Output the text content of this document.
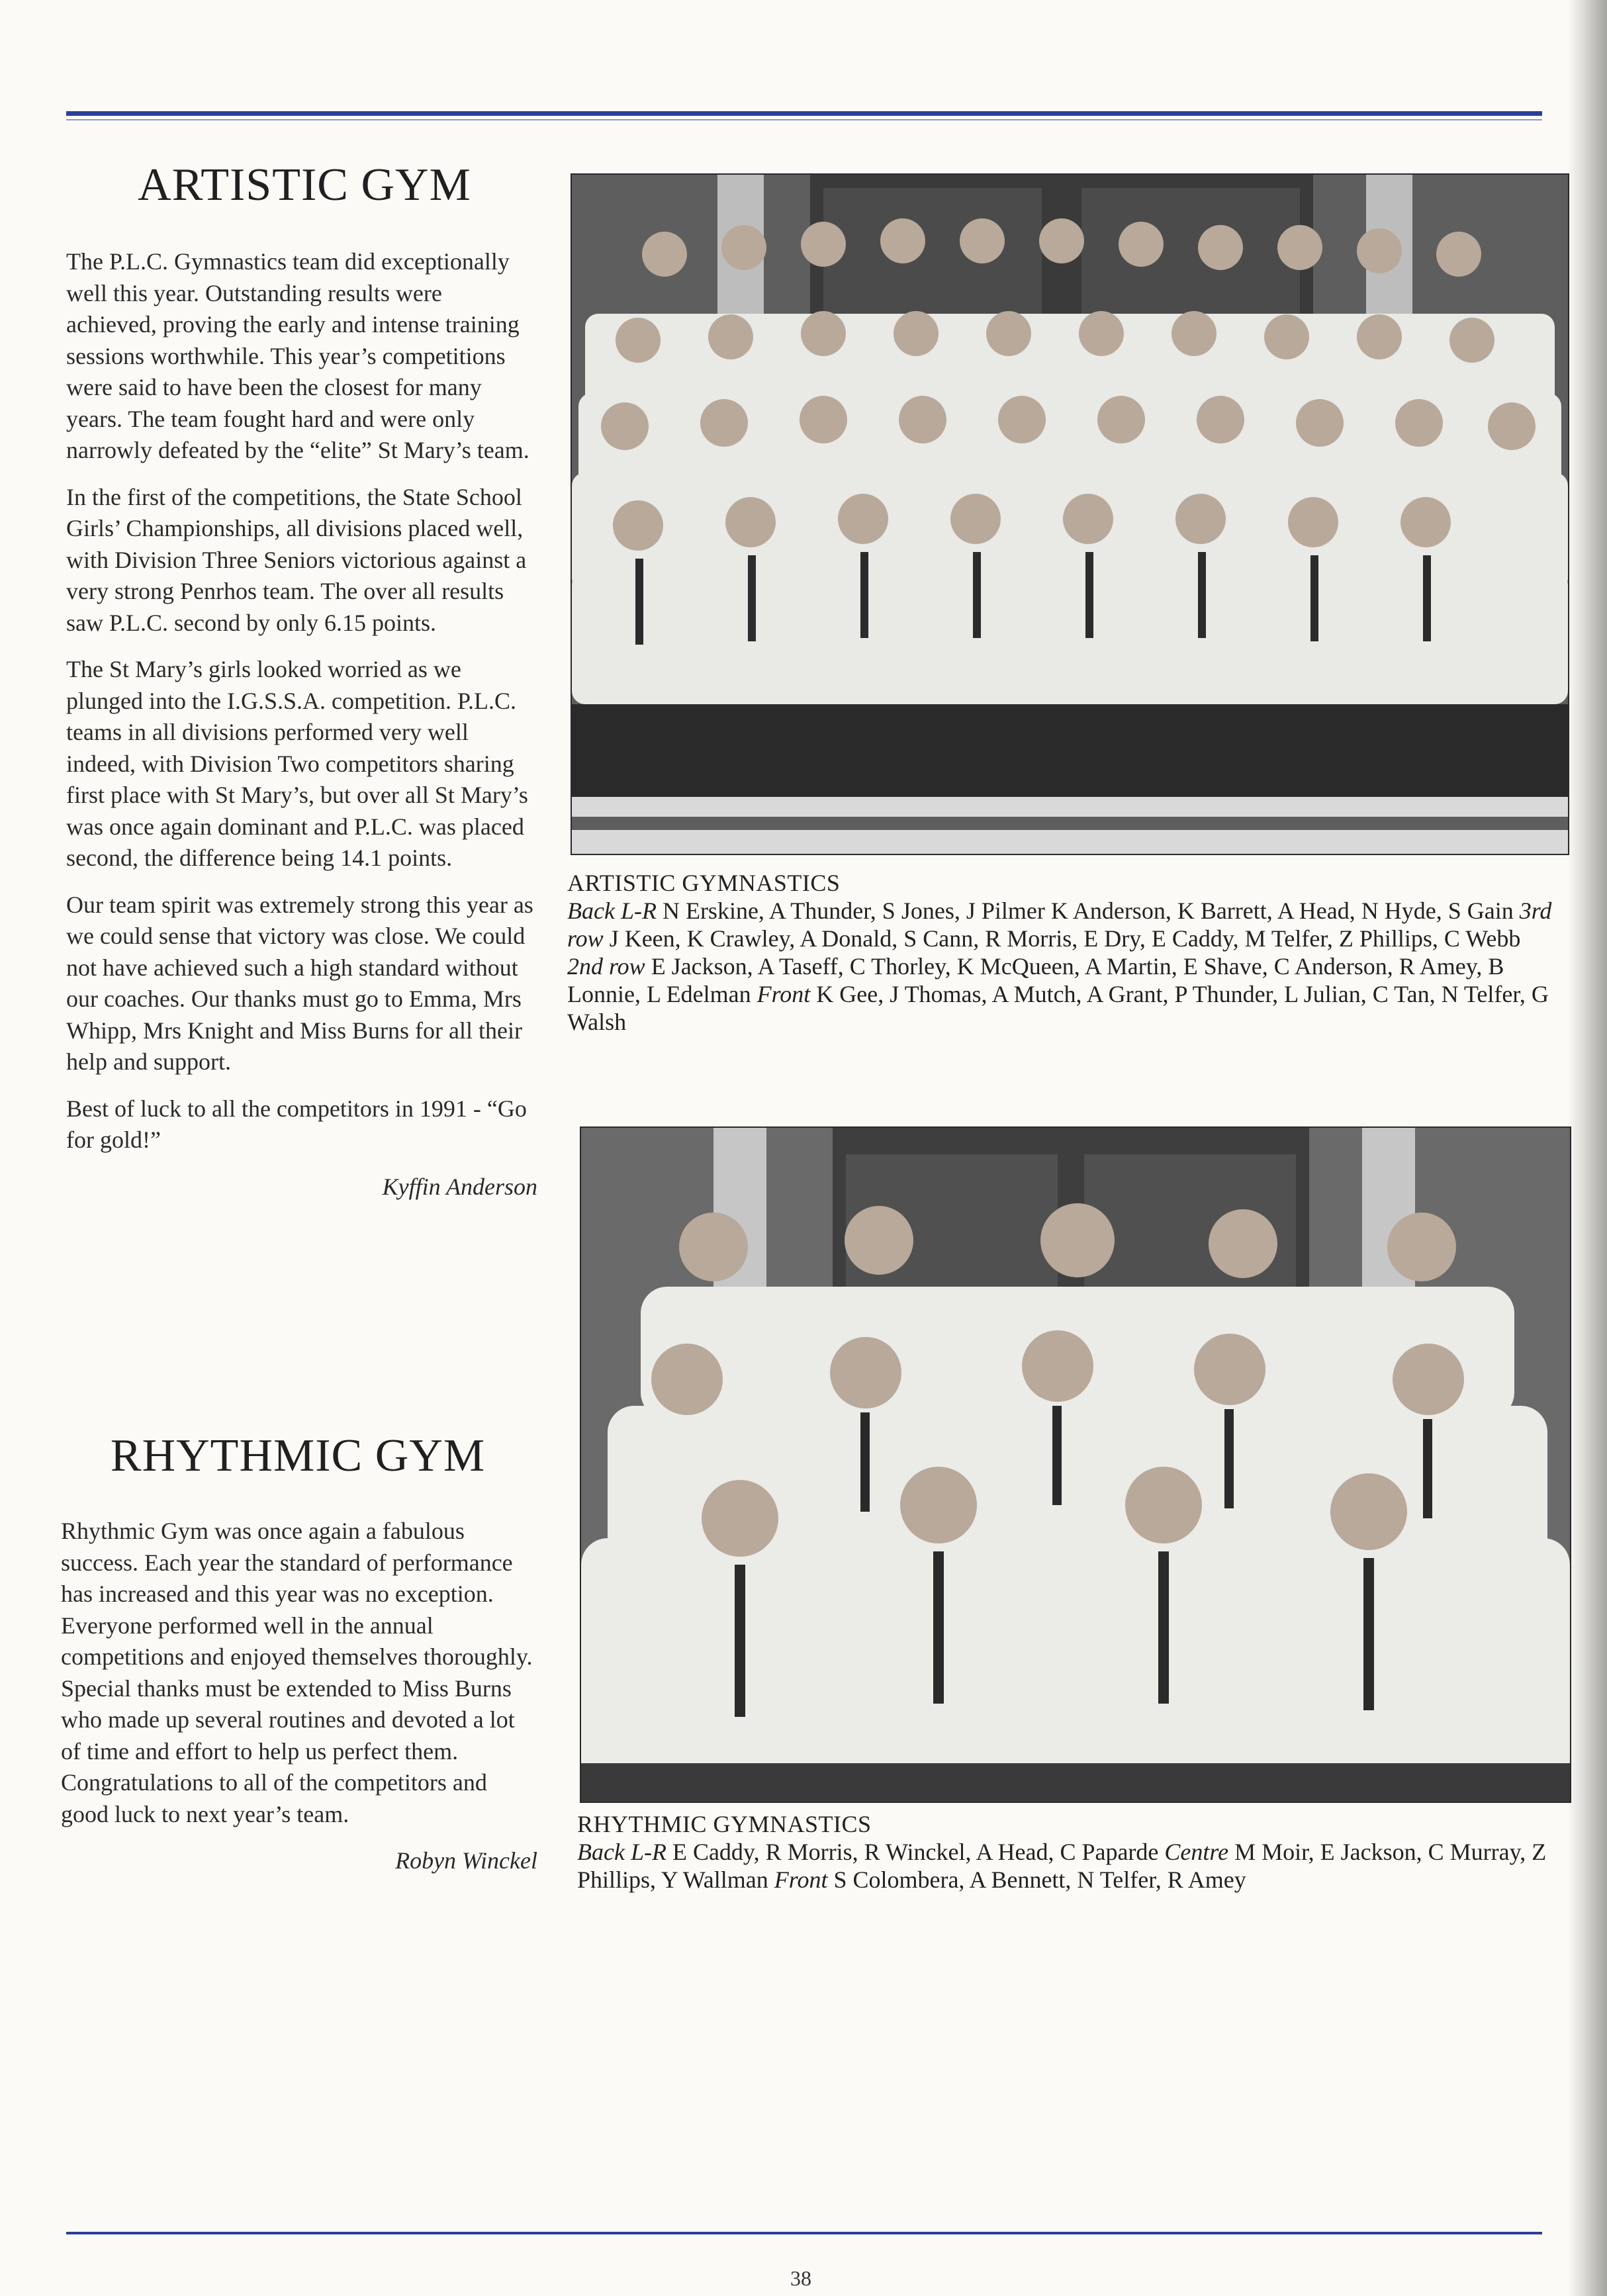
ARTISTIC GYM

The P.L.C. Gymnastics team did exceptionally well this year. Outstanding results were achieved, proving the early and intense training sessions worthwhile. This year’s competitions were said to have been the closest for many years. The team fought hard and were only narrowly defeated by the “elite” St Mary’s team.

In the first of the competitions, the State School Girls’ Championships, all divisions placed well, with Division Three Seniors victorious against a very strong Penrhos team. The over all results saw P.L.C. second by only 6.15 points.

The St Mary’s girls looked worried as we plunged into the I.G.S.S.A. competition. P.L.C. teams in all divisions performed very well indeed, with Division Two competitors sharing first place with St Mary’s, but over all St Mary’s was once again dominant and P.L.C. was placed second, the difference being 14.1 points.

Our team spirit was extremely strong this year as we could sense that victory was close. We could not have achieved such a high standard without our coaches. Our thanks must go to Emma, Mrs Whipp, Mrs Knight and Miss Burns for all their help and support.

Best of luck to all the competitors in 1991 - “Go for gold!”

Kyffin Anderson

ARTISTIC GYMNASTICS
Back L-R N Erskine, A Thunder, S Jones, J Pilmer K Anderson, K Barrett, A Head, N Hyde, S Gain 3rd row J Keen, K Crawley, A Donald, S Cann, R Morris, E Dry, E Caddy, M Telfer, Z Phillips, C Webb 2nd row E Jackson, A Taseff, C Thorley, K McQueen, A Martin, E Shave, C Anderson, R Amey, B Lonnie, L Edelman Front K Gee, J Thomas, A Mutch, A Grant, P Thunder, L Julian, C Tan, N Telfer, G Walsh
RHYTHMIC GYM

Rhythmic Gym was once again a fabulous success. Each year the standard of performance has increased and this year was no exception. Everyone performed well in the annual competitions and enjoyed themselves thoroughly. Special thanks must be extended to Miss Burns who made up several routines and devoted a lot of time and effort to help us perfect them. Congratulations to all of the competitors and good luck to next year’s team.

Robyn Winckel

RHYTHMIC GYMNASTICS
Back L-R E Caddy, R Morris, R Winckel, A Head, C Paparde Centre M Moir, E Jackson, C Murray, Z Phillips, Y Wallman Front S Colombera, A Bennett, N Telfer, R Amey
38
